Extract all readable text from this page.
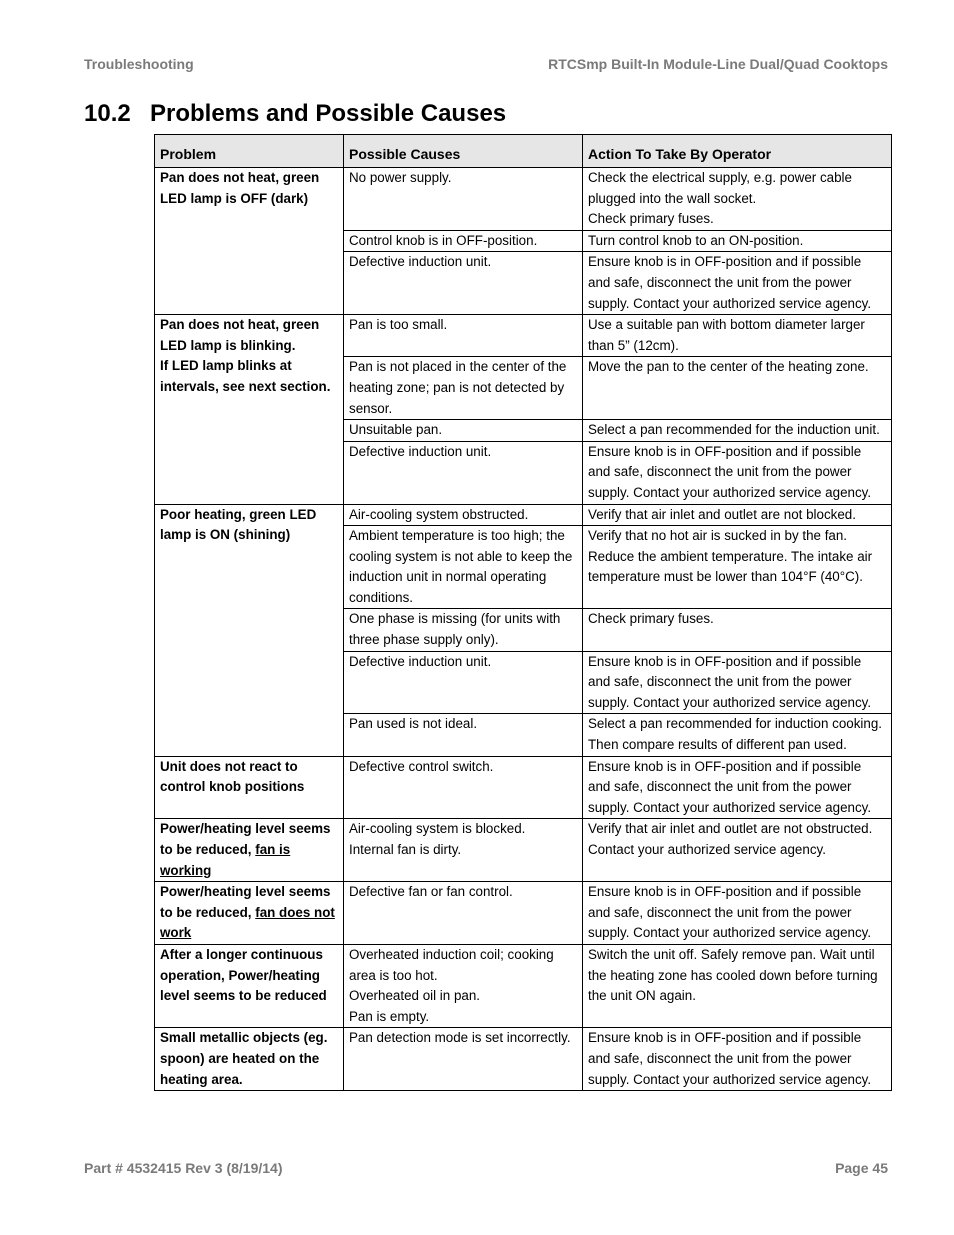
Troubleshooting	RTCSmp Built-In Module-Line Dual/Quad Cooktops
10.2 Problems and Possible Causes
Problem	Possible Causes	Action To Take By Operator

Pan does not heat, green LED lamp is OFF (dark)	No power supply.	Check the electrical supply, e.g. power cable plugged into the wall socket.
Check primary fuses.

	Control knob is in OFF-position.	Turn control knob to an ON-position.

	Defective induction unit.	Ensure knob is in OFF-position and if possible and safe, disconnect the unit from the power supply. Contact your authorized service agency.

Pan does not heat, green LED lamp is blinking.
If LED lamp blinks at intervals, see next section.	Pan is too small.	Use a suitable pan with bottom diameter larger than 5” (12cm).

	Pan is not placed in the center of the heating zone; pan is not detected by sensor.	Move the pan to the center of the heating zone.

	Unsuitable pan.	Select a pan recommended for the induction unit.

	Defective induction unit.	Ensure knob is in OFF-position and if possible and safe, disconnect the unit from the power supply. Contact your authorized service agency.

Poor heating, green LED lamp is ON (shining)	Air-cooling system obstructed.	Verify that air inlet and outlet are not blocked.

	Ambient temperature is too high; the cooling system is not able to keep the induction unit in normal operating conditions.	Verify that no hot air is sucked in by the fan. Reduce the ambient temperature. The intake air temperature must be lower than 104°F (40°C).

	One phase is missing (for units with three phase supply only).	Check primary fuses.

	Defective induction unit.	Ensure knob is in OFF-position and if possible and safe, disconnect the unit from the power supply. Contact your authorized service agency.

	Pan used is not ideal.	Select a pan recommended for induction cooking. Then compare results of different pan used.

Unit does not react to control knob positions	Defective control switch.	Ensure knob is in OFF-position and if possible and safe, disconnect the unit from the power supply. Contact your authorized service agency.

Power/heating level seems to be reduced, fan is working	Air-cooling system is blocked.
Internal fan is dirty.	Verify that air inlet and outlet are not obstructed.
Contact your authorized service agency.

Power/heating level seems to be reduced, fan does not work	Defective fan or fan control.	Ensure knob is in OFF-position and if possible and safe, disconnect the unit from the power supply. Contact your authorized service agency.

After a longer continuous operation, Power/heating level seems to be reduced	Overheated induction coil; cooking area is too hot.
Overheated oil in pan.
Pan is empty.	Switch the unit off. Safely remove pan. Wait until the heating zone has cooled down before turning the unit ON again.

Small metallic objects (eg. spoon) are heated on the heating area.	Pan detection mode is set incorrectly.	Ensure knob is in OFF-position and if possible and safe, disconnect the unit from the power supply. Contact your authorized service agency.
Part # 4532415 Rev 3 (8/19/14)	Page 45
